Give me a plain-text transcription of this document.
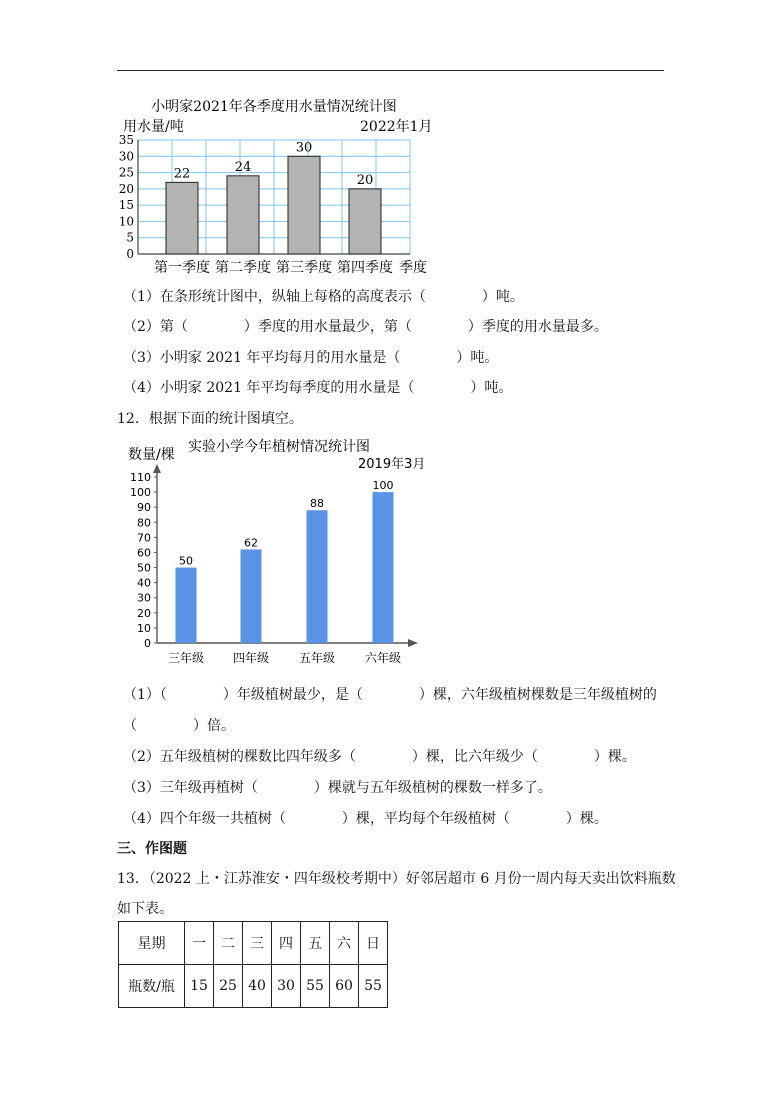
小明家2021年各季度用水量情况统计图
用水量/吨	2022年1月
0
5
10
15
20
25
30
35
第一季度 第二季度 第三季度 第四季度
22	24
30
20
季度
（1）在条形统计图中，纵轴上每格的高度表示（　　　　）吨。
（2）第（　　　　）季度的用水量最少，第（　　　　）季度的用水量最多。
（3）小明家 2021 年平均每月的用水量是（　　　　）吨。
（4）小明家 2021 年平均每季度的用水量是（　　　　）吨。
12．根据下面的统计图填空。
实验小学今年植树情况统计图
数量/棵
2019年3月
0
10
20
30
40
50
60
70
80
90
100
110
三年级 四年级 五年级 六年级
50
62
88
100
（1）（　　　　）年级植树最少，是（　　　　）棵，六年级植树棵数是三年级植树的
（　　　　）倍。
（2）五年级植树的棵数比四年级多（　　　　）棵，比六年级少（　　　　）棵。
（3）三年级再植树（　　　　）棵就与五年级植树的棵数一样多了。
（4）四个年级一共植树（　　　　）棵，平均每个年级植树（　　　　）棵。
三、作图题
13．（2022 上・江苏淮安・四年级校考期中）好邻居超市 6 月份一周内每天卖出饮料瓶数
如下表。
星期	一	二	三	四	五	六	日
瓶数/瓶	15	25	40	30	55	60	55
